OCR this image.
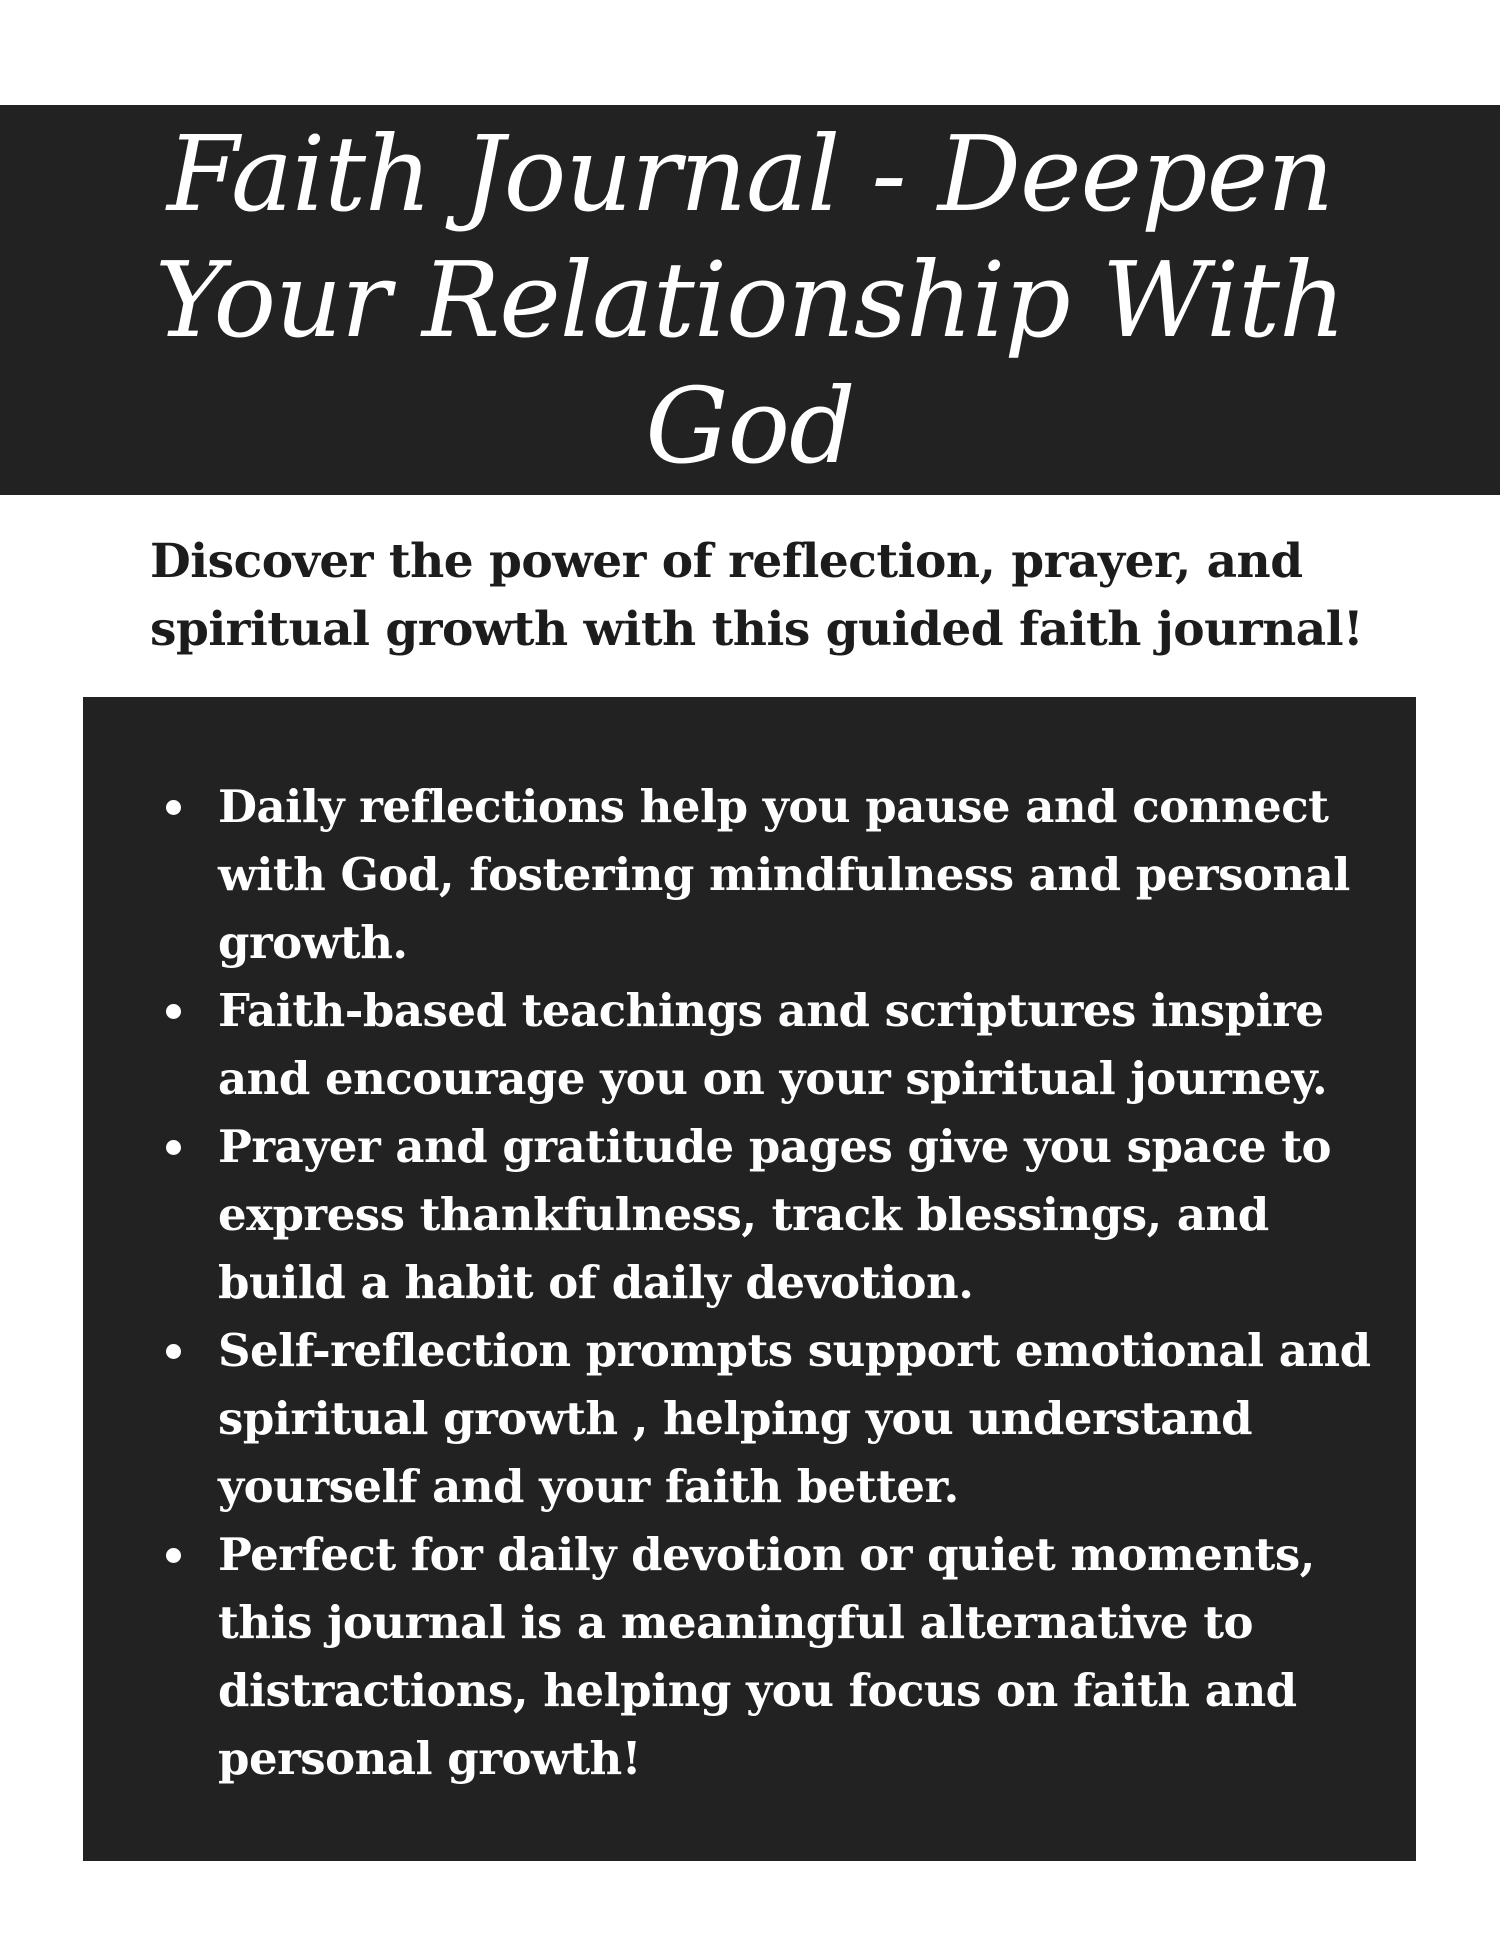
Faith Journal - Deepen Your Relationship With God

Discover the power of reflection, prayer, and spiritual growth with this guided faith journal!

Daily reflections help you pause and connect with God, fostering mindfulness and personal growth.
Faith-based teachings and scriptures inspire and encourage you on your spiritual journey.
Prayer and gratitude pages give you space to express thankfulness, track blessings, and build a habit of daily devotion.
Self-reflection prompts support emotional and spiritual growth , helping you understand yourself and your faith better.
Perfect for daily devotion or quiet moments, this journal is a meaningful alternative to distractions, helping you focus on faith and personal growth!
